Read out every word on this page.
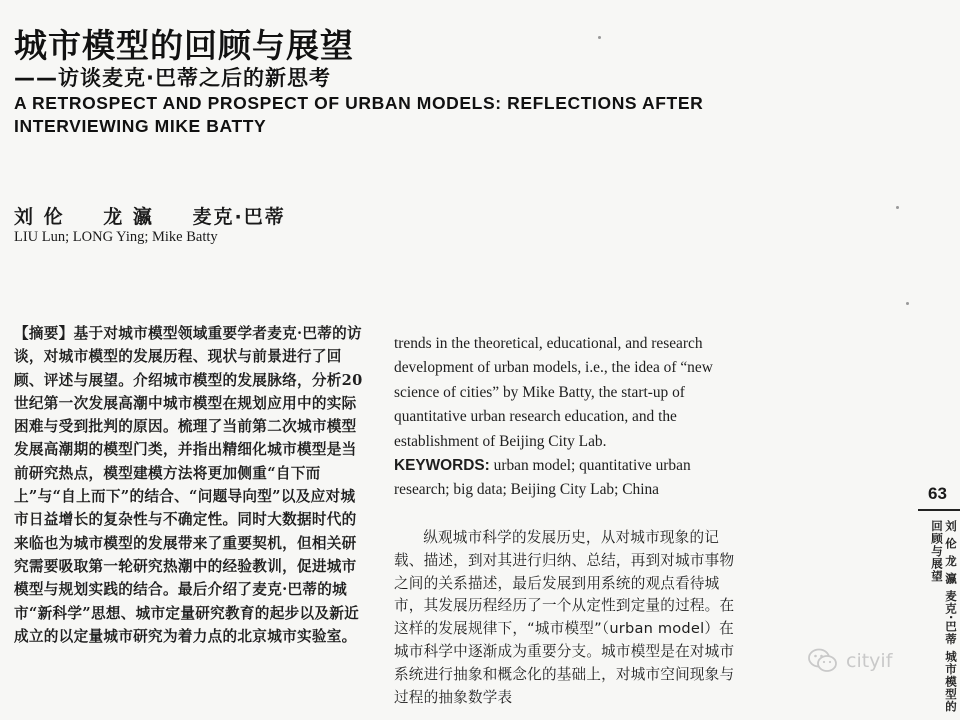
城市模型的回顾与展望
——访谈麦克·巴蒂之后的新思考
A RETROSPECT AND PROSPECT OF URBAN MODELS: REFLECTIONS AFTER INTERVIEWING MIKE BATTY
刘 伦 龙 瀛 麦克·巴蒂
LIU Lun; LONG Ying; Mike Batty
【摘要】基于对城市模型领域重要学者麦克·巴蒂的访谈，对城市模型的发展历程、现状与前景进行了回顾、评述与展望。介绍城市模型的发展脉络，分析20世纪第一次发展高潮中城市模型在规划应用中的实际困难与受到批判的原因。梳理了当前第二次城市模型发展高潮期的模型门类，并指出精细化城市模型是当前研究热点，模型建模方法将更加侧重“自下而上”与“自上而下”的结合、“问题导向型”以及应对城市日益增长的复杂性与不确定性。同时大数据时代的来临也为城市模型的发展带来了重要契机，但相关研究需要吸取第一轮研究热潮中的经验教训，促进城市模型与规划实践的结合。最后介绍了麦克·巴蒂的城市“新科学”思想、城市定量研究教育的起步以及新近成立的以定量城市研究为着力点的北京城市实验室。
trends in the theoretical, educational, and research development of urban models, i.e., the idea of “new science of cities” by Mike Batty, the start-up of quantitative urban research education, and the establishment of Beijing City Lab.
KEYWORDS: urban model; quantitative urban research; big data; Beijing City Lab; China
纵观城市科学的发展历史，从对城市现象的记载、描述，到对其进行归纳、总结，再到对城市事物之间的关系描述，最后发展到用系统的观点看待城市，其发展历程经历了一个从定性到定量的过程。在这样的发展规律下，“城市模型”（urban model）在城市科学中逐渐成为重要分支。城市模型是在对城市系统进行抽象和概念化的基础上，对城市空间现象与过程的抽象数学表
63
刘 伦 龙 瀛 麦克·巴蒂 城市模型的回顾与展望
cityif
